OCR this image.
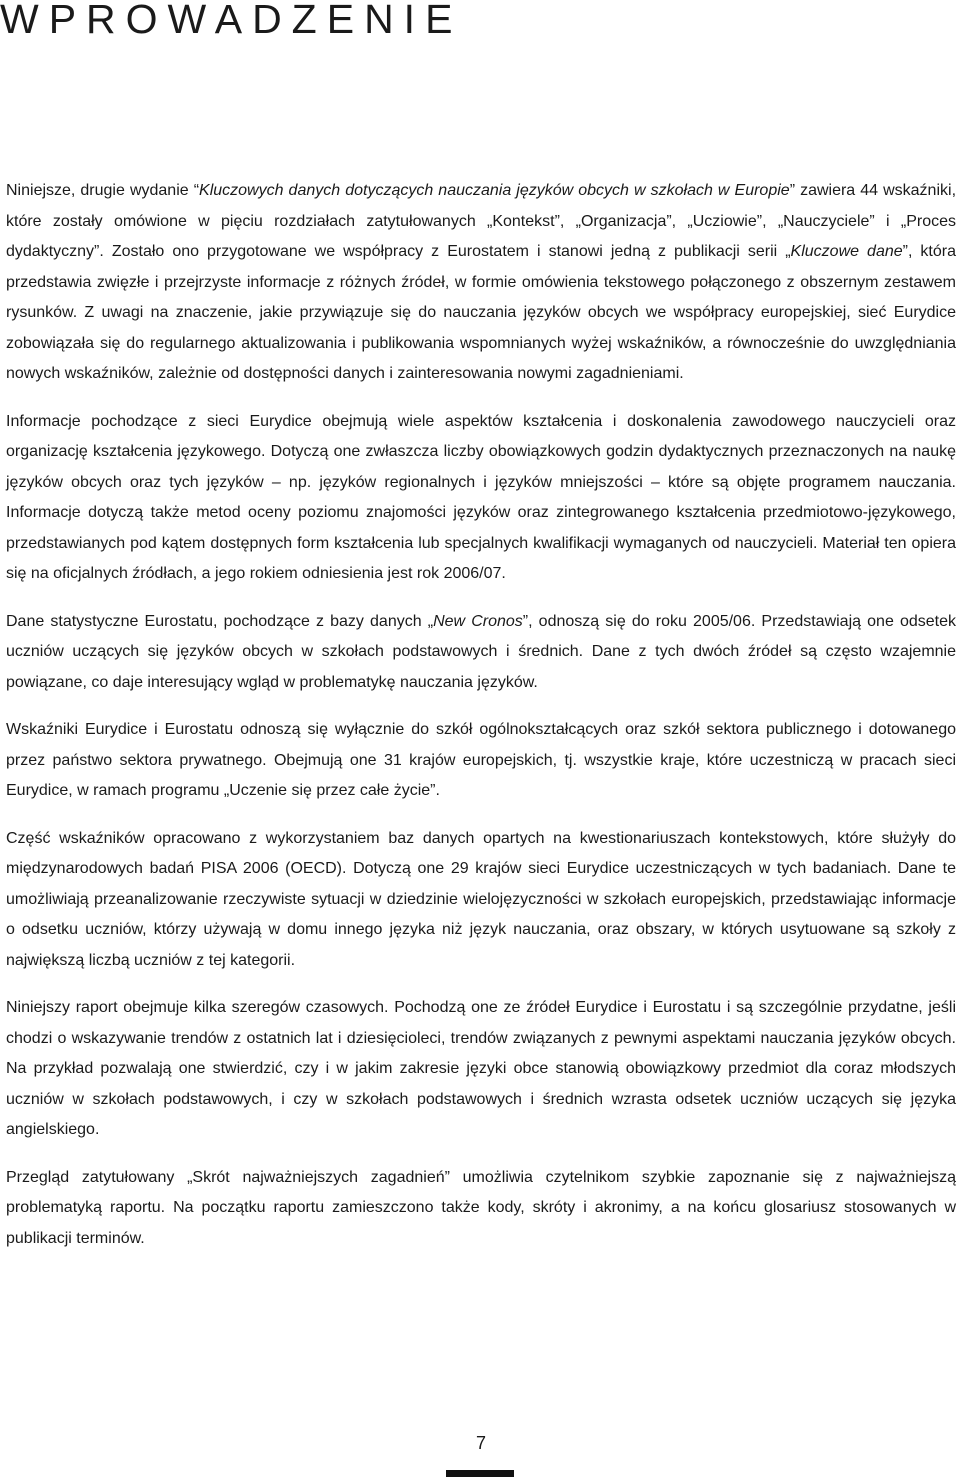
WPROWADZENIE

Niniejsze, drugie wydanie “Kluczowych danych dotyczących nauczania języków obcych w szkołach w Europie” zawiera 44 wskaźniki, które zostały omówione w pięciu rozdziałach zatytułowanych „Kontekst”, „Organizacja”, „Ucziowie”, „Nauczyciele” i „Proces dydaktyczny”. Zostało ono przygotowane we współpracy z Eurostatem i stanowi jedną z publikacji serii „Kluczowe dane”, która przedstawia zwięzłe i przejrzyste informacje z różnych źródeł, w formie omówienia tekstowego połączonego z obszernym zestawem rysunków. Z uwagi na znaczenie, jakie przywiązuje się do nauczania języków obcych we współpracy europejskiej, sieć Eurydice zobowiązała się do regularnego aktualizowania i publikowania wspomnianych wyżej wskaźników, a równocześnie do uwzględniania nowych wskaźników, zależnie od dostępności danych i zainteresowania nowymi zagadnieniami.

Informacje pochodzące z sieci Eurydice obejmują wiele aspektów kształcenia i doskonalenia zawodowego nauczycieli oraz organizację kształcenia językowego. Dotyczą one zwłaszcza liczby obowiązkowych godzin dydaktycznych przeznaczonych na naukę języków obcych oraz tych języków – np. języków regionalnych i języków mniejszości – które są objęte programem nauczania. Informacje dotyczą także metod oceny poziomu znajomości języków oraz zintegrowanego kształcenia przedmiotowo-językowego, przedstawianych pod kątem dostępnych form kształcenia lub specjalnych kwalifikacji wymaganych od nauczycieli. Materiał ten opiera się na oficjalnych źródłach, a jego rokiem odniesienia jest rok 2006/07.

Dane statystyczne Eurostatu, pochodzące z bazy danych „New Cronos”, odnoszą się do roku 2005/06. Przedstawiają one odsetek uczniów uczących się języków obcych w szkołach podstawowych i średnich. Dane z tych dwóch źródeł są często wzajemnie powiązane, co daje interesujący wgląd w problematykę nauczania języków.

Wskaźniki Eurydice i Eurostatu odnoszą się wyłącznie do szkół ogólnokształcących oraz szkół sektora publicznego i dotowanego przez państwo sektora prywatnego. Obejmują one 31 krajów europejskich, tj. wszystkie kraje, które uczestniczą w pracach sieci Eurydice, w ramach programu „Uczenie się przez całe życie”.

Część wskaźników opracowano z wykorzystaniem baz danych opartych na kwestionariuszach kontekstowych, które służyły do międzynarodowych badań PISA 2006 (OECD). Dotyczą one 29 krajów sieci Eurydice uczestniczących w tych badaniach. Dane te umożliwiają przeanalizowanie rzeczywiste sytuacji w dziedzinie wielojęzyczności w szkołach europejskich, przedstawiając informacje o odsetku uczniów, którzy używają w domu innego języka niż język nauczania, oraz obszary, w których usytuowane są szkoły z największą liczbą uczniów z tej kategorii.

Niniejszy raport obejmuje kilka szeregów czasowych. Pochodzą one ze źródeł Eurydice i Eurostatu i są szczególnie przydatne, jeśli chodzi o wskazywanie trendów z ostatnich lat i dziesięcioleci, trendów związanych z pewnymi aspektami nauczania języków obcych. Na przykład pozwalają one stwierdzić, czy i w jakim zakresie języki obce stanowią obowiązkowy przedmiot dla coraz młodszych uczniów w szkołach podstawowych, i czy w szkołach podstawowych i średnich wzrasta odsetek uczniów uczących się języka angielskiego.

Przegląd zatytułowany „Skrót najważniejszych zagadnień” umożliwia czytelnikom szybkie zapoznanie się z najważniejszą problematyką raportu. Na początku raportu zamieszczono także kody, skróty i akronimy, a na końcu glosariusz stosowanych w publikacji terminów.

7
